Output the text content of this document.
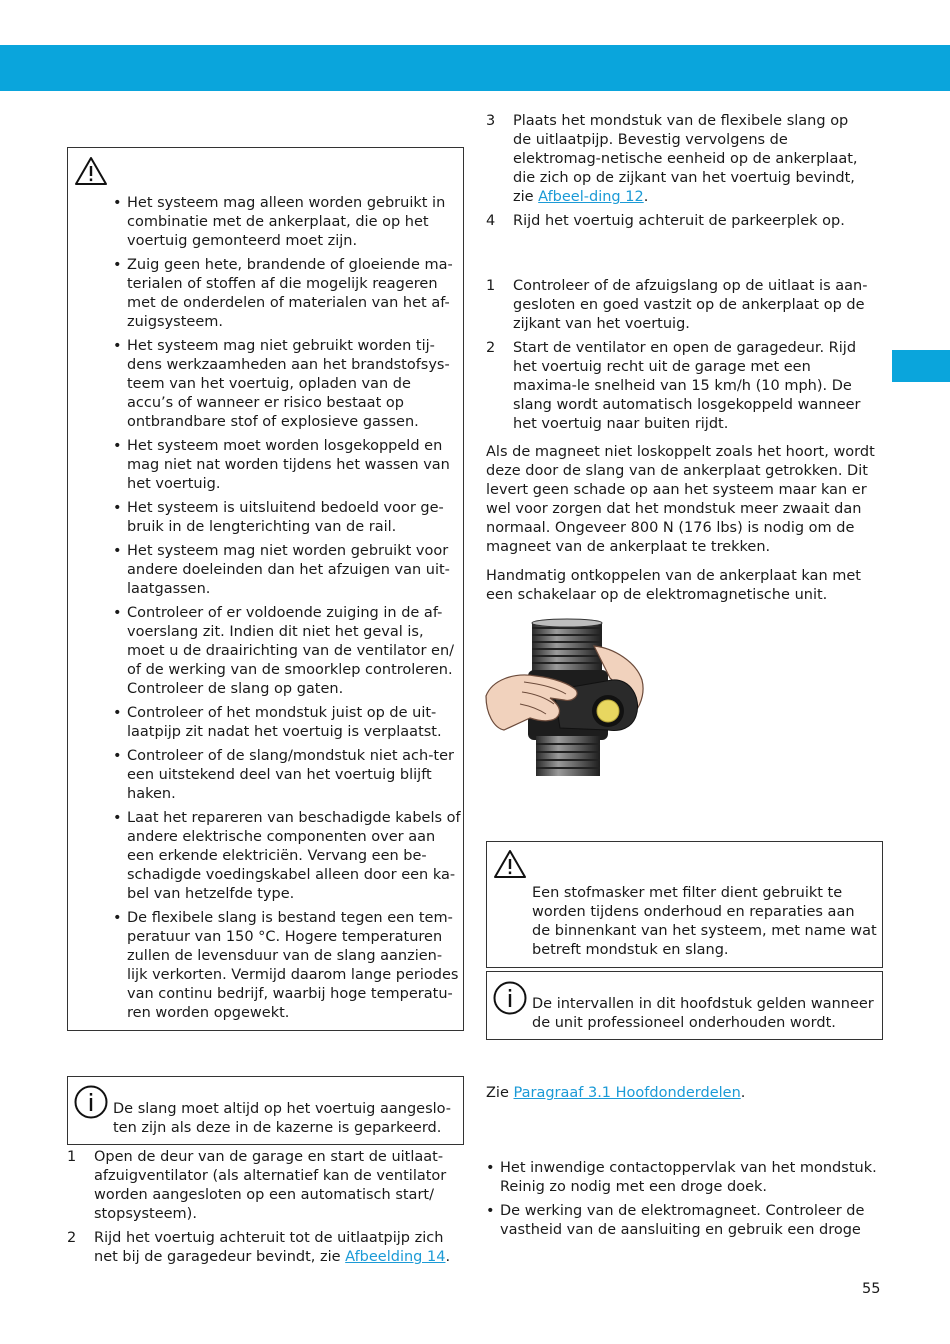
• Het systeem mag alleen worden gebruikt in combinatie met de ankerplaat, die op het voertuig gemonteerd moet zijn.
• Zuig geen hete, brandende of gloeiende ma-terialen of stoffen af die mogelijk reageren met de onderdelen of materialen van het af-zuigsysteem.
• Het systeem mag niet gebruikt worden tij-dens werkzaamheden aan het brandstofsys-teem van het voertuig, opladen van de accu’s of wanneer er risico bestaat op ontbrandbare stof of explosieve gassen.
• Het systeem moet worden losgekoppeld en mag niet nat worden tijdens het wassen van het voertuig.
• Het systeem is uitsluitend bedoeld voor ge-bruik in de lengterichting van de rail.
• Het systeem mag niet worden gebruikt voor andere doeleinden dan het afzuigen van uit-laatgassen.
• Controleer of er voldoende zuiging in de af-voerslang zit. Indien dit niet het geval is, moet u de draairichting van de ventilator en/ of de werking van de smoorklep controleren. Controleer de slang op gaten.
• Controleer of het mondstuk juist op de uit-laatpijp zit nadat het voertuig is verplaatst.
• Controleer of de slang/mondstuk niet ach-ter een uitstekend deel van het voertuig blijft haken.
• Laat het repareren van beschadigde kabels of andere elektrische componenten over aan een erkende elektriciën. Vervang een be-schadigde voedingskabel alleen door een ka-bel van hetzelfde type.
• De flexibele slang is bestand tegen een tem-peratuur van 150 °C. Hogere temperaturen zullen de levensduur van de slang aanzien-lijk verkorten. Vermijd daarom lange periodes van continu bedrijf, waarbij hoge temperatu-ren worden opgewekt.
De slang moet altijd op het voertuig aangeslo-ten zijn als deze in de kazerne is geparkeerd.
1 Open de deur van de garage en start de uitlaat-afzuigventilator (als alternatief kan de ventilator worden aangesloten op een automatisch start/ stopsysteem).
2 Rijd het voertuig achteruit tot de uitlaatpijp zich net bij de garagedeur bevindt, zie Afbeelding 14.
3 Plaats het mondstuk van de flexibele slang op de uitlaatpijp. Bevestig vervolgens de elektromag-netische eenheid op de ankerplaat, die zich op de zijkant van het voertuig bevindt, zie Afbeel-ding 12.
4 Rijd het voertuig achteruit de parkeerplek op.
1 Controleer of de afzuigslang op de uitlaat is aan-gesloten en goed vastzit op de ankerplaat op de zijkant van het voertuig.
2 Start de ventilator en open de garagedeur. Rijd het voertuig recht uit de garage met een maxima-le snelheid van 15 km/h (10 mph). De slang wordt automatisch losgekoppeld wanneer het voertuig naar buiten rijdt.

Als de magneet niet loskoppelt zoals het hoort, wordt deze door de slang van de ankerplaat getrokken. Dit levert geen schade op aan het systeem maar kan er wel voor zorgen dat het mondstuk meer zwaait dan normaal. Ongeveer 800 N (176 lbs) is nodig om de magneet van de ankerplaat te trekken.

Handmatig ontkoppelen van de ankerplaat kan met een schakelaar op de elektromagnetische unit.

Een stofmasker met filter dient gebruikt te worden tijdens onderhoud en reparaties aan de binnenkant van het systeem, met name wat betreft mondstuk en slang.
De intervallen in dit hoofdstuk gelden wanneer de unit professioneel onderhouden wordt.

Zie Paragraaf 3.1 Hoofdonderdelen.

• Het inwendige contactoppervlak van het mondstuk. Reinig zo nodig met een droge doek.
• De werking van de elektromagneet. Controleer de vastheid van de aansluiting en gebruik een droge
55
